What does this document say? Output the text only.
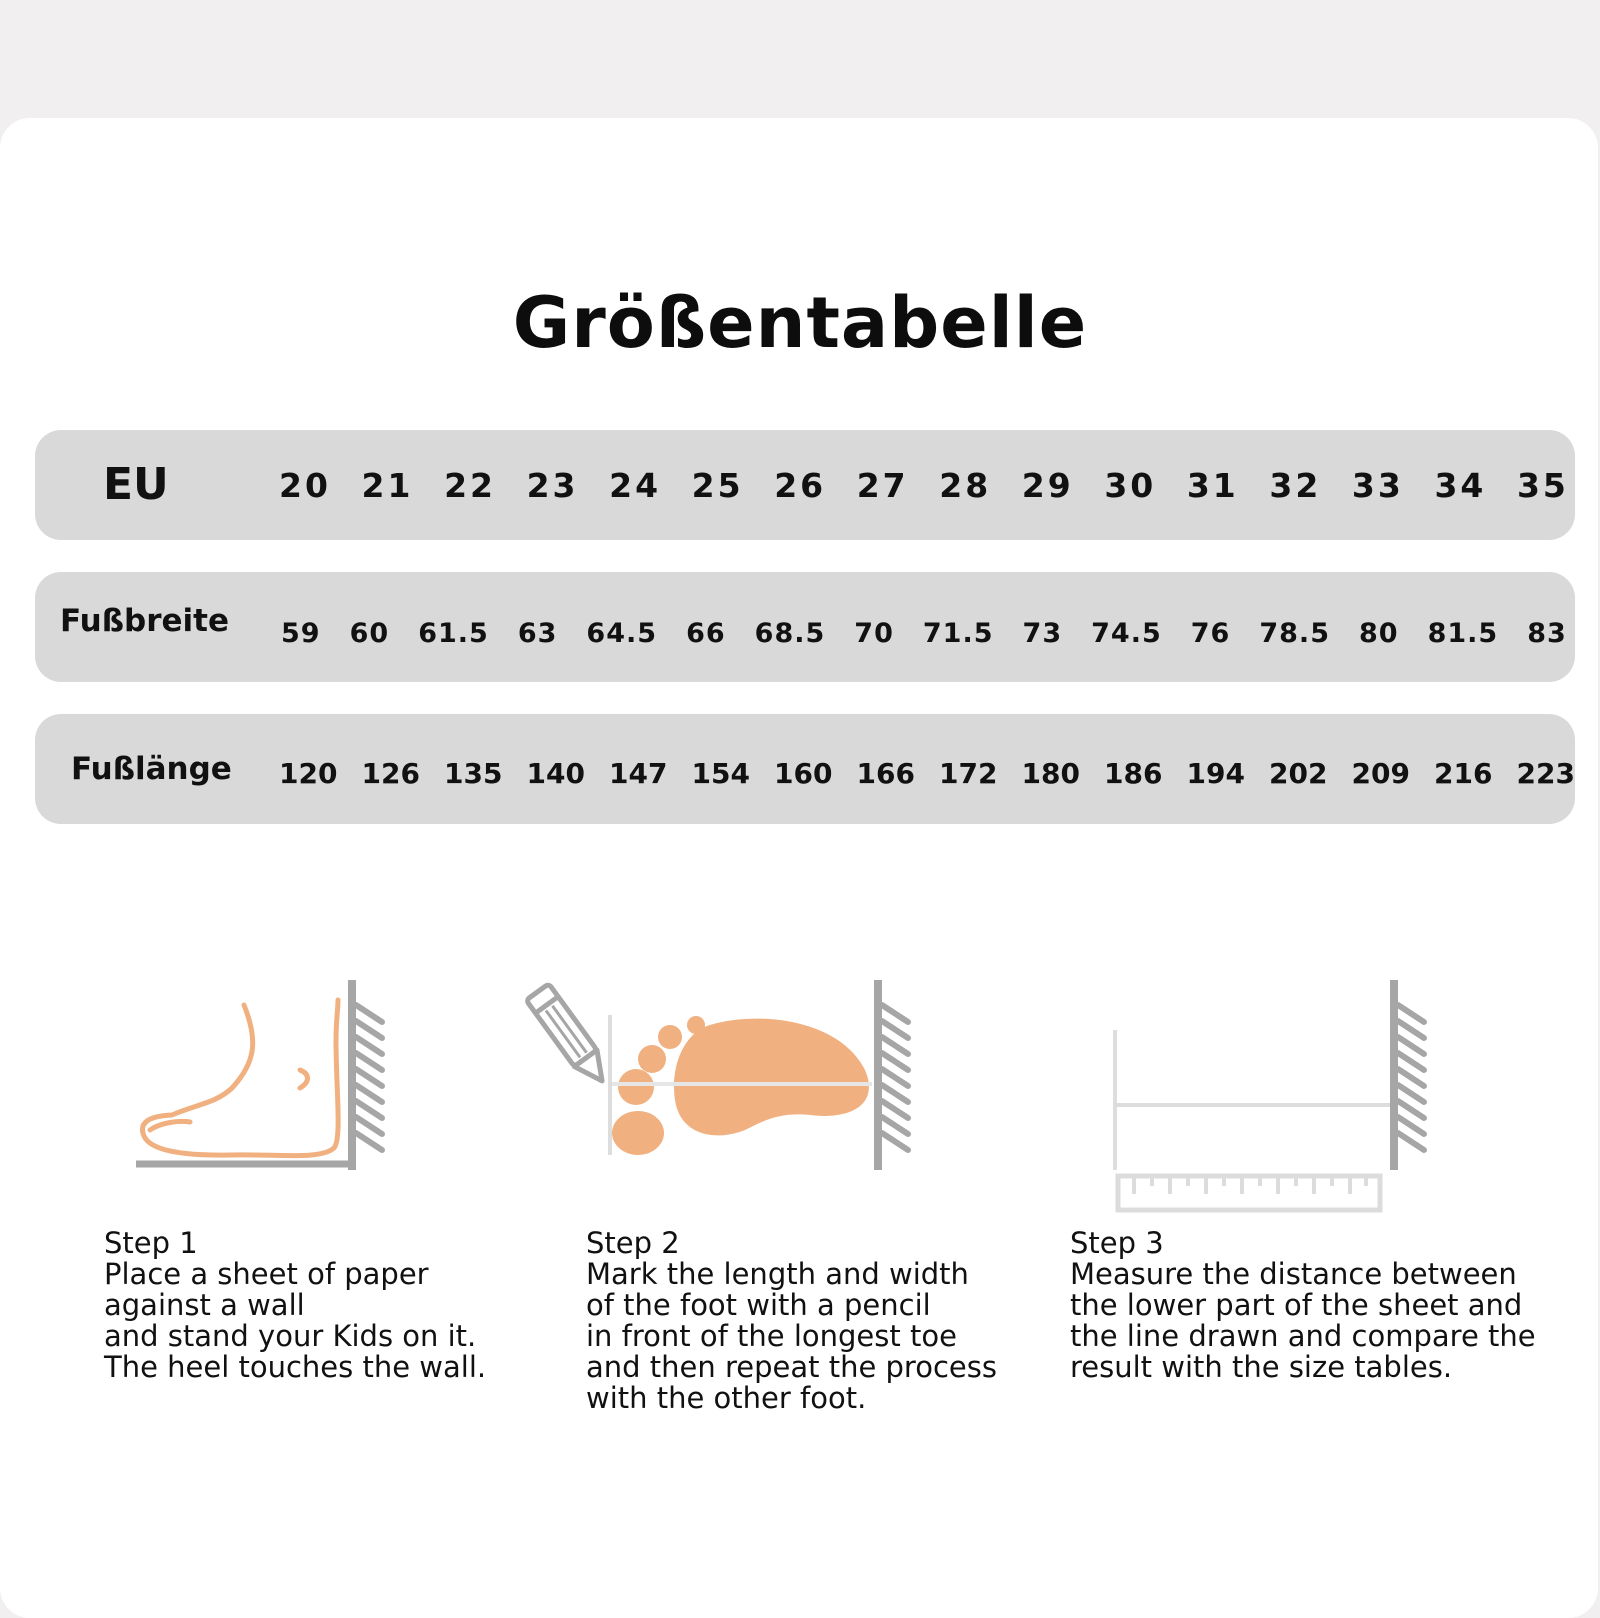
Größentabelle
EU	20 21 22 23 24 25 26 27 28 29 30 31 32 33 34 35
Fußbreite 59 60 61.5 63 64.5 66 68.5 70 71.5 73 74.5 76 78.5 80 81.5 83
Fußlänge 120 126 135 140 147 154 160 166 172 180 186 194 202 209 216 223
Step 1
Place a sheet of paper
against a wall
and stand your Kids on it.
The heel touches the wall.
Step 2
Mark the length and width
of the foot with a pencil
in front of the longest toe
and then repeat the process
with the other foot.
Step 3
Measure the distance between
the lower part of the sheet and
the line drawn and compare the
result with the size tables.
